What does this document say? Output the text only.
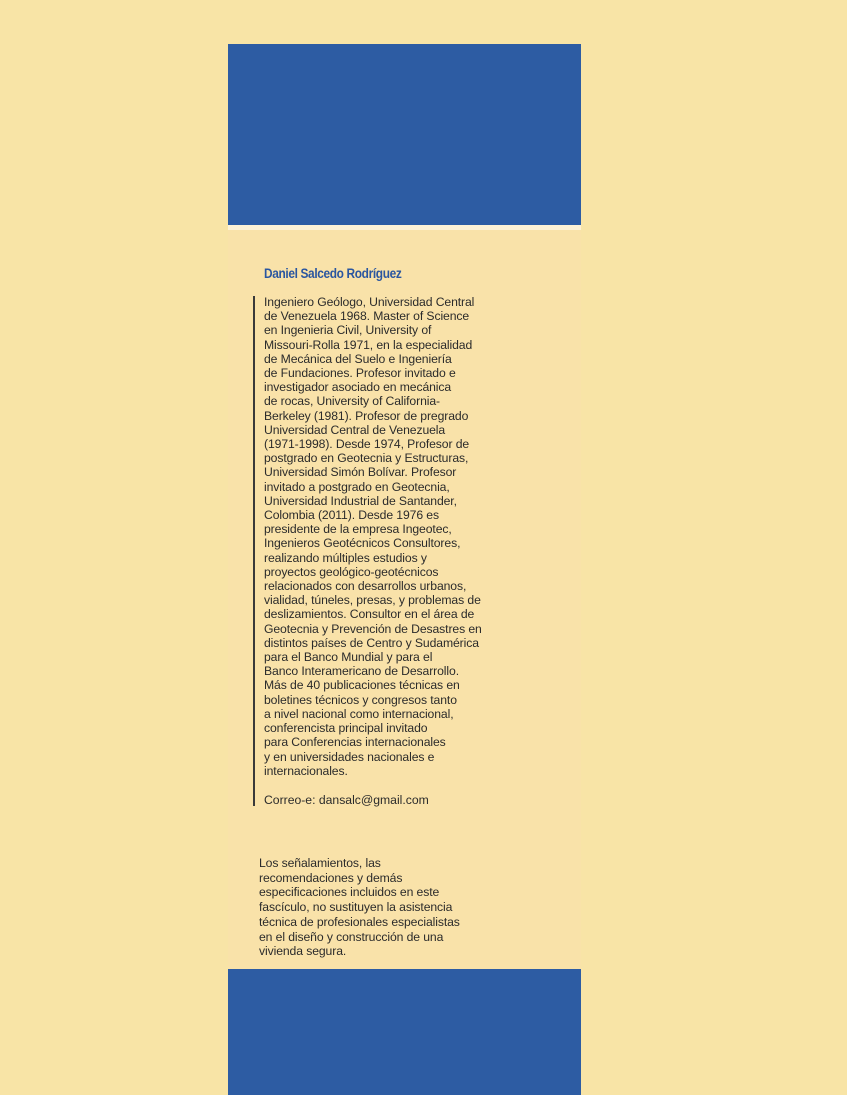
Daniel Salcedo Rodríguez

Ingeniero Geólogo, Universidad Central
de Venezuela 1968. Master of Science
en Ingenieria Civil, University of
Missouri-Rolla 1971, en la especialidad
de Mecánica del Suelo e Ingeniería
de Fundaciones. Profesor invitado e
investigador asociado en mecánica
de rocas, University of California-
Berkeley (1981). Profesor de pregrado
Universidad Central de Venezuela
(1971-1998). Desde 1974, Profesor de
postgrado en Geotecnia y Estructuras,
Universidad Simón Bolívar. Profesor
invitado a postgrado en Geotecnia,
Universidad Industrial de Santander,
Colombia (2011). Desde 1976 es
presidente de la empresa Ingeotec,
Ingenieros Geotécnicos Consultores,
realizando múltiples estudios y
proyectos geológico-geotécnicos
relacionados con desarrollos urbanos,
vialidad, túneles, presas, y problemas de
deslizamientos. Consultor en el área de
Geotecnia y Prevención de Desastres en
distintos países de Centro y Sudamérica
para el Banco Mundial y para el
Banco Interamericano de Desarrollo.
Más de 40 publicaciones técnicas en
boletines técnicos y congresos tanto
a nivel nacional como internacional,
conferencista principal invitado
para Conferencias internacionales
y en universidades nacionales e
internacionales.

Correo-e: dansalc@gmail.com

Los señalamientos, las
recomendaciones y demás
especificaciones incluidos en este
fascículo, no sustituyen la asistencia
técnica de profesionales especialistas
en el diseño y construcción de una
vivienda segura.
